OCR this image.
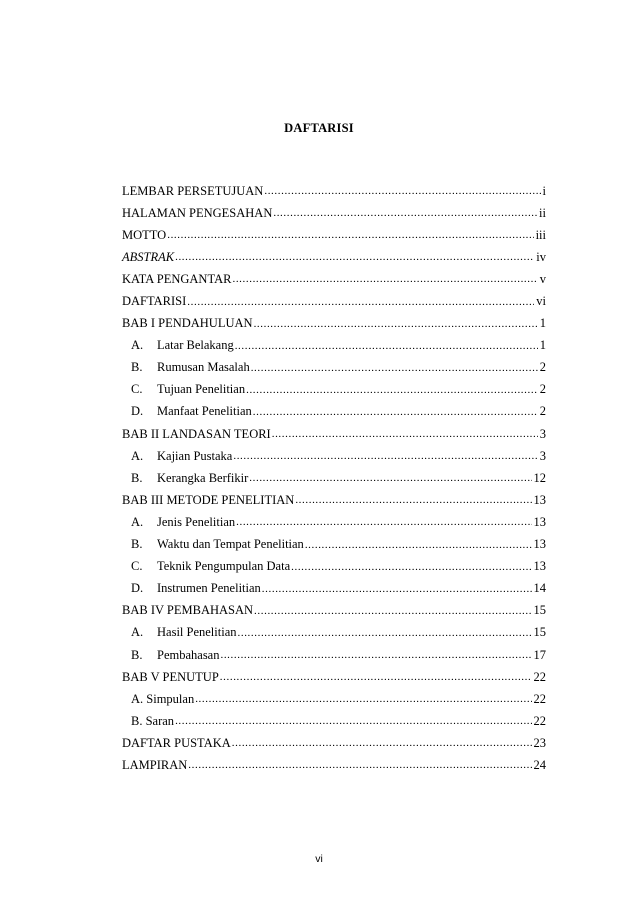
DAFTARISI
LEMBAR PERSETUJUAN .....	i
HALAMAN PENGESAHAN .....	ii
MOTTO .....	iii
ABSTRAK .....	iv
KATA PENGANTAR .....	v
DAFTARISI .....	vi
BAB I PENDAHULUAN .....	1
A.	Latar Belakang .....	1
B.	Rumusan Masalah .....	2
C.	Tujuan Penelitian .....	2
D.	Manfaat Penelitian .....	2
BAB II LANDASAN TEORI .....	3
A.	Kajian Pustaka .....	3
B.	Kerangka Berfikir .....	12
BAB III METODE PENELITIAN .....	13
A.	Jenis Penelitian .....	13
B.	Waktu dan Tempat Penelitian .....	13
C.	Teknik Pengumpulan Data .....	13
D.	Instrumen Penelitian .....	14
BAB IV PEMBAHASAN .....	15
A.	Hasil Penelitian .....	15
B.	Pembahasan .....	17
BAB V PENUTUP .....	22
A. Simpulan .....	22
B. Saran .....	22
DAFTAR PUSTAKA .....	23
LAMPIRAN .....	24
vi
